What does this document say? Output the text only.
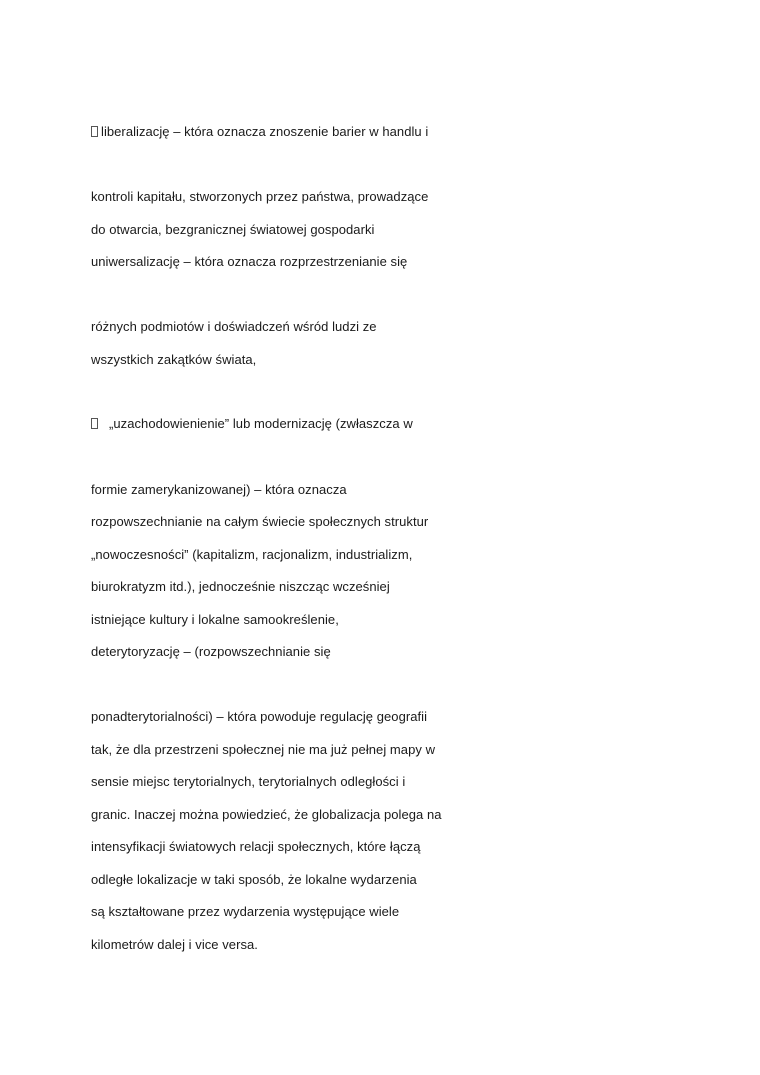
liberalizację – która oznacza znoszenie barier w handlu i
kontroli kapitału, stworzonych przez państwa, prowadzące
do otwarcia, bezgranicznej światowej gospodarki
uniwersalizację – która oznacza rozprzestrzenianie się
różnych podmiotów i doświadczeń wśród ludzi ze
wszystkich zakątków świata,
„uzachodowienienie” lub modernizację (zwłaszcza w
formie zamerykanizowanej) – która oznacza
rozpowszechnianie na całym świecie społecznych struktur
„nowoczesności” (kapitalizm, racjonalizm, industrializm,
biurokratyzm itd.), jednocześnie niszcząc wcześniej
istniejące kultury i lokalne samookreślenie,
deterytoryzację – (rozpowszechnianie się
ponadterytorialności) – która powoduje regulację geografii
tak, że dla przestrzeni społecznej nie ma już pełnej mapy w
sensie miejsc terytorialnych, terytorialnych odległości i
granic. Inaczej można powiedzieć, że globalizacja polega na
intensyfikacji światowych relacji społecznych, które łączą
odległe lokalizacje w taki sposób, że lokalne wydarzenia
są kształtowane przez wydarzenia występujące wiele
kilometrów dalej i vice versa.
